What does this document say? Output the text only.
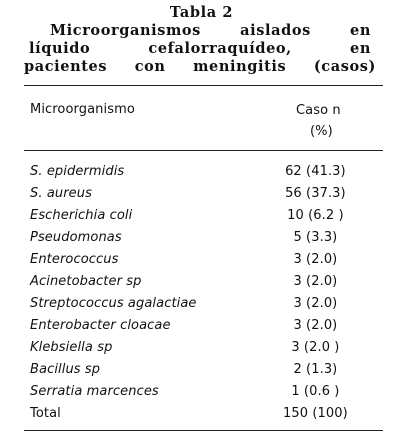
Tabla 2
Microorganismos	aislados	en
líquido	cefalorraquídeo,	en
pacientes con meningitis (casos)
Microorganismo	Caso n
(%)
S. epidermidis	62 (41.3)
S. aureus	56 (37.3)
Escherichia coli	10 (6.2 )
Pseudomonas	5 (3.3)
Enterococcus	3 (2.0)
Acinetobacter sp	3 (2.0)
Streptococcus agalactiae	3 (2.0)
Enterobacter cloacae	3 (2.0)
Klebsiella sp	3 (2.0 )
Bacillus sp	2 (1.3)
Serratia marcences	1 (0.6 )
Total	150 (100)
